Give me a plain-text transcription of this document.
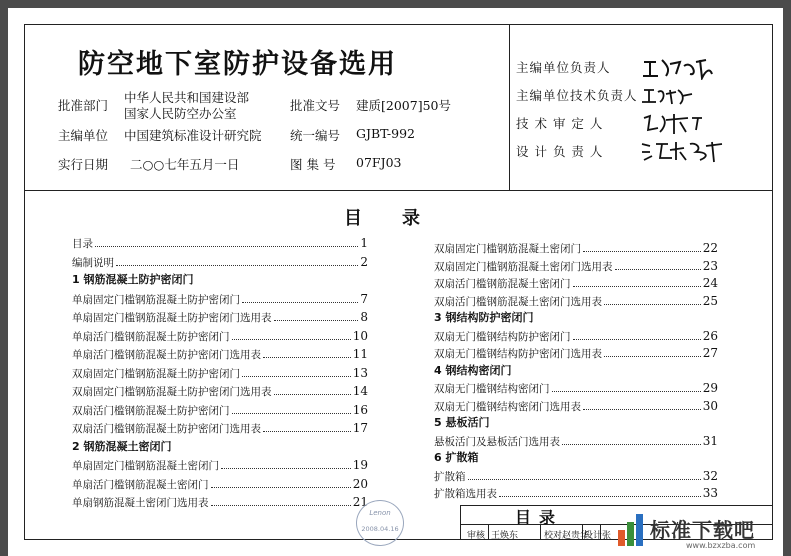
防空地下室防护设备选用
批准部门
中华人民共和国建设部
国家人民防空办公室
批准文号 建质[2007]50号
主编单位 中国建筑标准设计研究院 统一编号 GJBT-992
实行日期 二○○七年五月一日	图 集 号 07FJ03
主编单位负责人
主编单位技术负责人
技 术 审 定 人
设 计 负 责 人
目录
目录	1
编制说明	2
1 钢筋混凝土防护密闭门
单扇固定门槛钢筋混凝土防护密闭门	7
单扇固定门槛钢筋混凝土防护密闭门选用表	8
单扇活门槛钢筋混凝土防护密闭门	10
单扇活门槛钢筋混凝土防护密闭门选用表	11
双扇固定门槛钢筋混凝土防护密闭门	13
双扇固定门槛钢筋混凝土防护密闭门选用表	14
双扇活门槛钢筋混凝土防护密闭门	16
双扇活门槛钢筋混凝土防护密闭门选用表	17
2 钢筋混凝土密闭门
单扇固定门槛钢筋混凝土密闭门	19
单扇活门槛钢筋混凝土密闭门	20
单扇钢筋混凝土密闭门选用表	21
双扇固定门槛钢筋混凝土密闭门	22
双扇固定门槛钢筋混凝土密闭门选用表	23
双扇活门槛钢筋混凝土密闭门	24
双扇活门槛钢筋混凝土密闭门选用表	25
3 钢结构防护密闭门
双扇无门槛钢结构防护密闭门	26
双扇无门槛钢结构防护密闭门选用表	27
4 钢结构密闭门
双扇无门槛钢结构密闭门	29
双扇无门槛钢结构密闭门选用表	30
5 悬板活门
悬板活门及悬板活门选用表	31
6 扩散箱
扩散箱	32
扩散箱选用表	33
Lenon
2008.04.16
目录
审核 王焕东	校对 赵贵华
设计 张 标准下载吧
www.bzxzba.com
